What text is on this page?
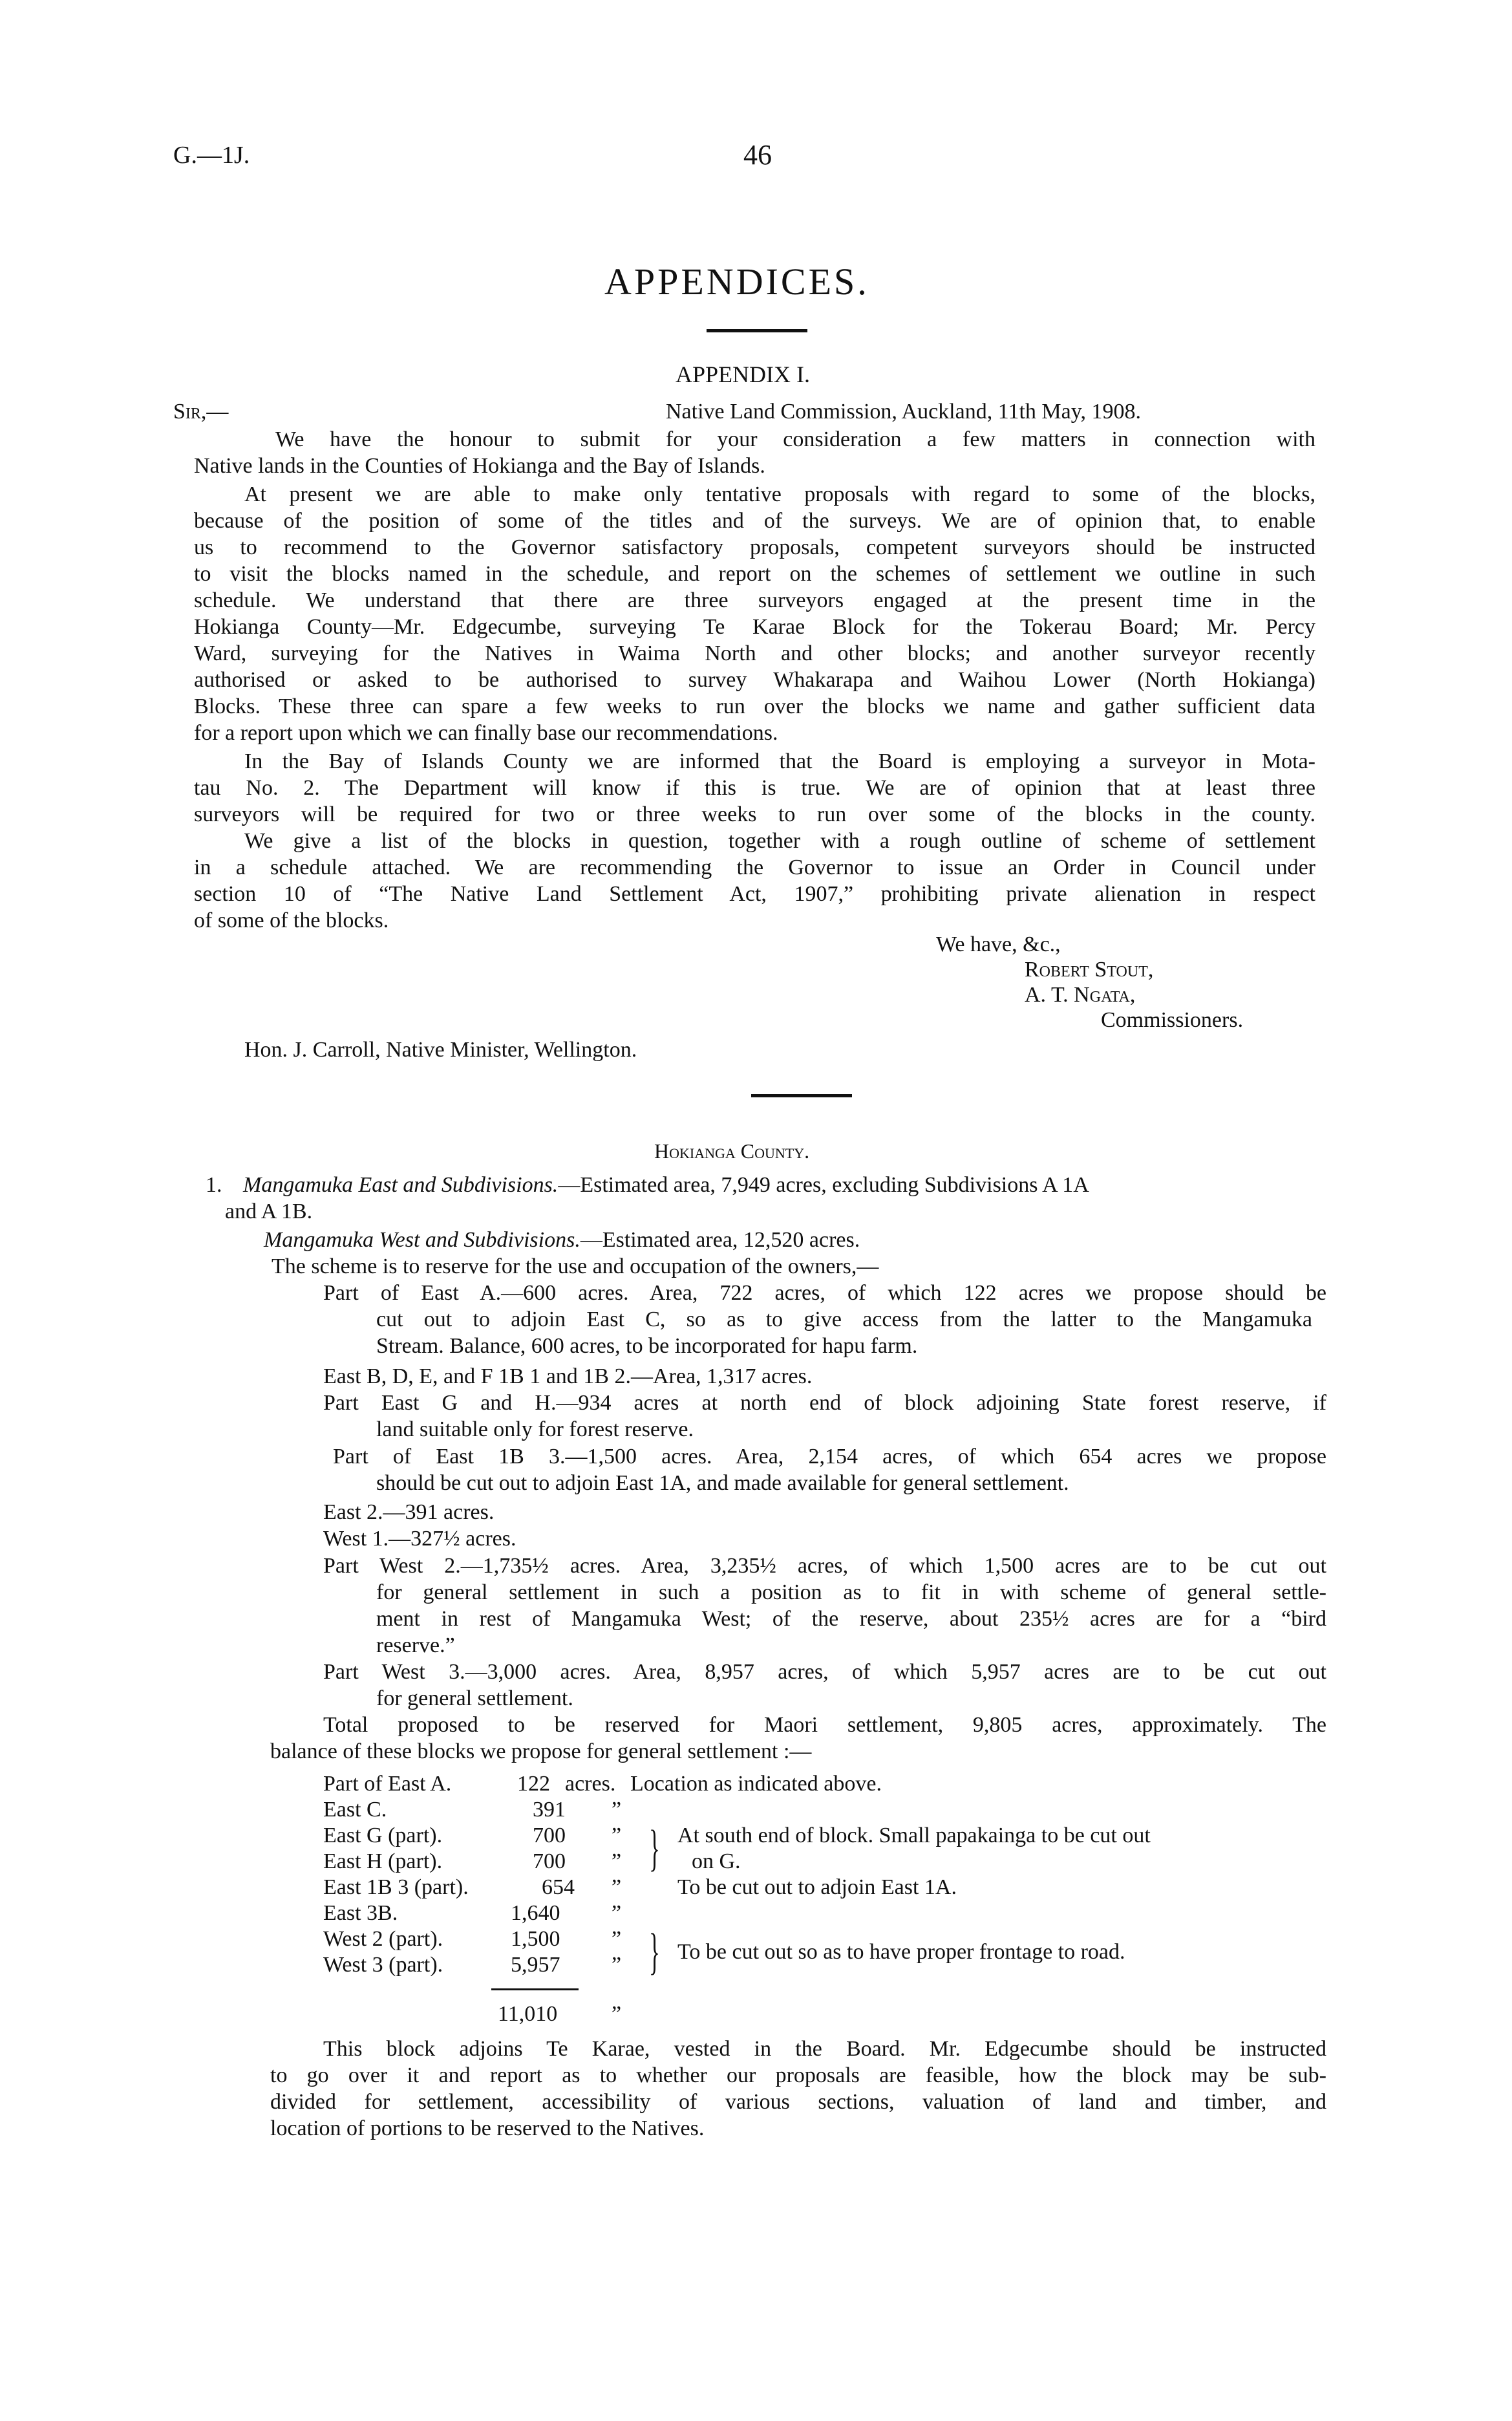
G.—1J.	46
APPENDICES.
APPENDIX I.
Sir,—	Native Land Commission, Auckland, 11th May, 1908.
We have the honour to submit for your consideration a few matters in connection with
Native lands in the Counties of Hokianga and the Bay of Islands.
At present we are able to make only tentative proposals with regard to some of the blocks,
because of the position of some of the titles and of the surveys. We are of opinion that, to enable
us to recommend to the Governor satisfactory proposals, competent surveyors should be instructed
to visit the blocks named in the schedule, and report on the schemes of settlement we outline in such
schedule. We understand that there are three surveyors engaged at the present time in the
Hokianga County—Mr. Edgecumbe, surveying Te Karae Block for the Tokerau Board; Mr. Percy
Ward, surveying for the Natives in Waima North and other blocks; and another surveyor recently
authorised or asked to be authorised to survey Whakarapa and Waihou Lower (North Hokianga)
Blocks. These three can spare a few weeks to run over the blocks we name and gather sufficient data
for a report upon which we can finally base our recommendations.
In the Bay of Islands County we are informed that the Board is employing a surveyor in Mota-
tau No. 2. The Department will know if this is true. We are of opinion that at least three
surveyors will be required for two or three weeks to run over some of the blocks in the county.
We give a list of the blocks in question, together with a rough outline of scheme of settlement
in a schedule attached. We are recommending the Governor to issue an Order in Council under
section 10 of “The Native Land Settlement Act, 1907,” prohibiting private alienation in respect
of some of the blocks.
We have, &c.,
Robert Stout,
A. T. Ngata,
Commissioners.
Hon. J. Carroll, Native Minister, Wellington.
Hokianga County.
1. Mangamuka East and Subdivisions.—Estimated area, 7,949 acres, excluding Subdivisions A 1A
and A 1B.
Mangamuka West and Subdivisions.—Estimated area, 12,520 acres.
The scheme is to reserve for the use and occupation of the owners,—
Part of East A.—600 acres. Area, 722 acres, of which 122 acres we propose should be
cut out to adjoin East C, so as to give access from the latter to the Mangamuka
Stream. Balance, 600 acres, to be incorporated for hapu farm.
East B, D, E, and F 1B 1 and 1B 2.—Area, 1,317 acres.
Part East G and H.—934 acres at north end of block adjoining State forest reserve, if
land suitable only for forest reserve.
Part of East 1B 3.—1,500 acres. Area, 2,154 acres, of which 654 acres we propose
should be cut out to adjoin East 1A, and made available for general settlement.
East 2.—391 acres.
West 1.—327½ acres.
Part West 2.—1,735½ acres. Area, 3,235½ acres, of which 1,500 acres are to be cut out
for general settlement in such a position as to fit in with scheme of general settle-
ment in rest of Mangamuka West; of the reserve, about 235½ acres are for a “bird
reserve.”
Part West 3.—3,000 acres. Area, 8,957 acres, of which 5,957 acres are to be cut out
for general settlement.
Total proposed to be reserved for Maori settlement, 9,805 acres, approximately. The
balance of these blocks we propose for general settlement :—
Part of East A.	122 acres. Location as indicated above.
East C.	391 ”
East G (part).	700 ”
East H (part).	700 ” } At south end of block. Small papakainga to be cut out
on G.
East 1B 3 (part).	654 ”	To be cut out to adjoin East 1A.
East 3B.	1,640 ”
West 2 (part).	1,500 ”
West 3 (part).	5,957 ” } To be cut out so as to have proper frontage to road.
11,010 ”
This block adjoins Te Karae, vested in the Board. Mr. Edgecumbe should be instructed
to go over it and report as to whether our proposals are feasible, how the block may be sub-
divided for settlement, accessibility of various sections, valuation of land and timber, and
location of portions to be reserved to the Natives.
